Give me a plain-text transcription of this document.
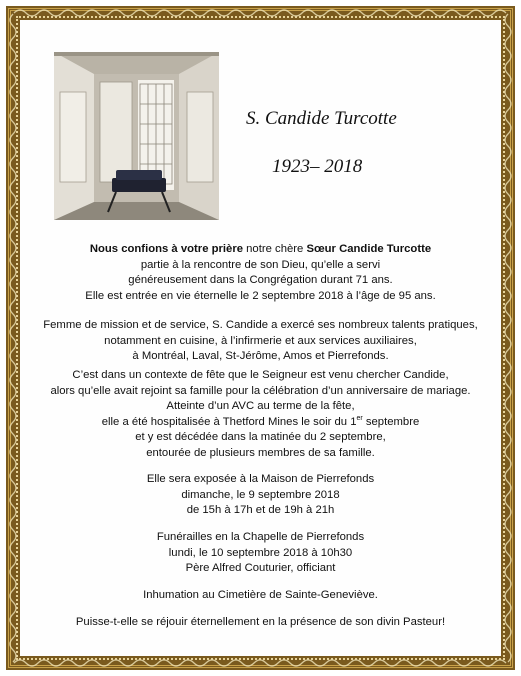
S. Candide Turcotte
1923– 2018

Nous confions à votre prière notre chère Sœur Candide Turcotte

partie à la rencontre de son Dieu, qu’elle a servi

généreusement dans la Congrégation durant 71 ans.

Elle est entrée en vie éternelle le 2 septembre 2018 à l’âge de 95 ans.

Femme de mission et de service, S. Candide a exercé ses nombreux talents pratiques,

notamment en cuisine, à l’infirmerie et aux services auxiliaires,

à Montréal, Laval, St-Jérôme, Amos et Pierrefonds.

C’est dans un contexte de fête que le Seigneur est venu chercher Candide,

alors qu’elle avait rejoint sa famille pour la célébration d’un anniversaire de mariage.

Atteinte d’un AVC au terme de la fête,

elle a été hospitalisée à Thetford Mines le soir du 1er septembre

et y est décédée dans la matinée du 2 septembre,

entourée de plusieurs membres de sa famille.

Elle sera exposée à la Maison de Pierrefonds

dimanche, le 9 septembre 2018

de 15h à 17h et de 19h à 21h

Funérailles en la Chapelle de Pierrefonds

lundi, le 10 septembre 2018 à 10h30

Père Alfred Couturier, officiant

Inhumation au Cimetière de Sainte-Geneviève.

Puisse-t-elle se réjouir éternellement en la présence de son divin Pasteur!
